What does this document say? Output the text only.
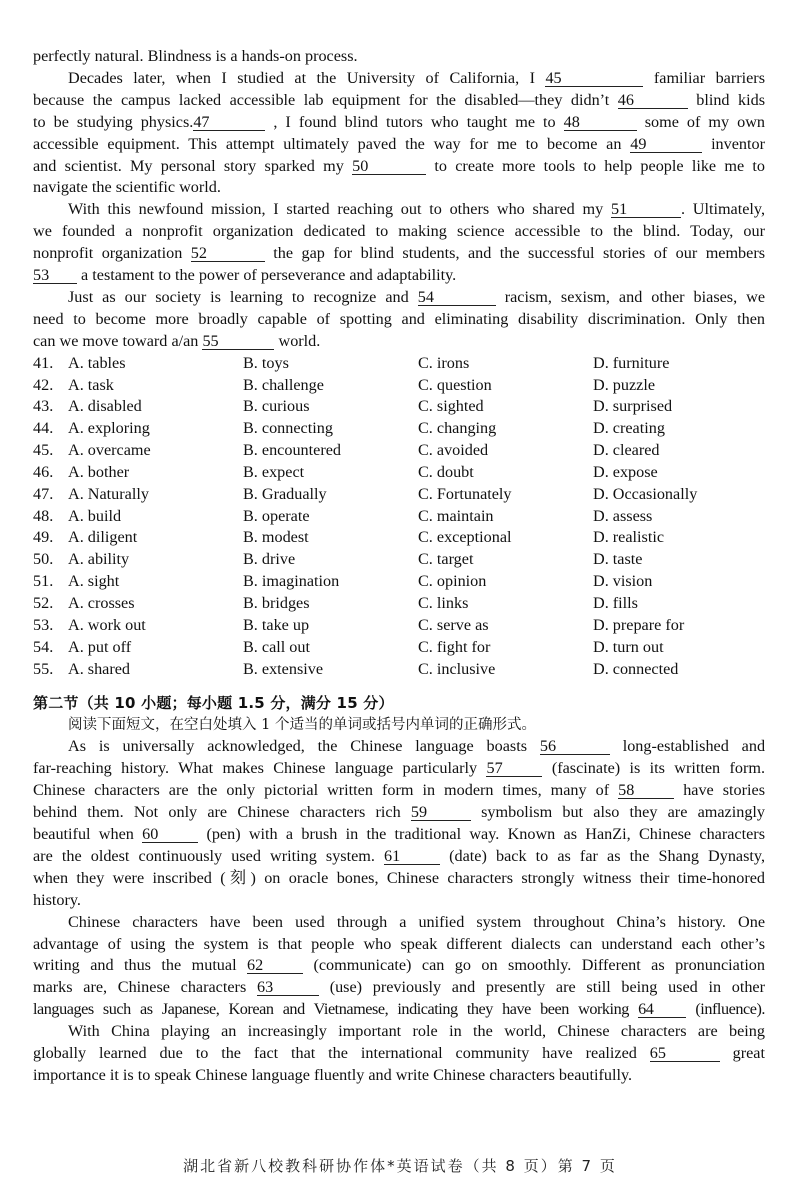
perfectly natural. Blindness is a hands-on process.

Decades later, when I studied at the University of California, I 45	familiar barriers
because the campus lacked accessible lab equipment for the disabled—they didn’t 46	blind kids
to be studying physics.47	, I found blind tutors who taught me to 48	some of my own
accessible equipment. This attempt ultimately paved the way for me to become an 49	inventor
and scientist. My personal story sparked my 50	to create more tools to help people like me to
navigate the scientific world.

With this newfound mission, I started reaching out to others who shared my 51	. Ultimately,
we founded a nonprofit organization dedicated to making science accessible to the blind. Today, our
nonprofit organization 52	the gap for blind students, and the successful stories of our members
53 a testament to the power of perseverance and adaptability.

Just as our society is learning to recognize and 54	racism, sexism, and other biases, we
need to become more broadly capable of spotting and eliminating disability discrimination. Only then
can we move toward a/an 55	world.

41. A. tables	B. toys	C. irons	D. furniture
42. A. task	B. challenge	C. question	D. puzzle
43. A. disabled	B. curious	C. sighted	D. surprised
44. A. exploring	B. connecting	C. changing	D. creating
45. A. overcame	B. encountered	C. avoided	D. cleared
46. A. bother	B. expect	C. doubt	D. expose
47. A. Naturally	B. Gradually	C. Fortunately	D. Occasionally
48. A. build	B. operate	C. maintain	D. assess
49. A. diligent	B. modest	C. exceptional	D. realistic
50. A. ability	B. drive	C. target	D. taste
51. A. sight	B. imagination	C. opinion	D. vision
52. A. crosses	B. bridges	C. links	D. fills
53. A. work out	B. take up	C. serve as	D. prepare for
54. A. put off	B. call out	C. fight for	D. turn out
55. A. shared	B. extensive	C. inclusive	D. connected
第二节（共 10 小题；每小题 1.5 分，满分 15 分）
阅读下面短文，在空白处填入 1 个适当的单词或括号内单词的正确形式。

As is universally acknowledged, the Chinese language boasts 56	long-established and
far-reaching history. What makes Chinese language particularly 57	(fascinate) is its written form.
Chinese characters are the only pictorial written form in modern times, many of 58	have stories
behind them. Not only are Chinese characters rich 59	symbolism but also they are amazingly
beautiful when 60	(pen) with a brush in the traditional way. Known as HanZi, Chinese characters
are the oldest continuously used writing system. 61	(date) back to as far as the Shang Dynasty,
when they were inscribed (刻) on oracle bones, Chinese characters strongly witness their time-honored
history.

Chinese characters have been used through a unified system throughout China’s history. One
advantage of using the system is that people who speak different dialects can understand each other’s
writing and thus the mutual 62	(communicate) can go on smoothly. Different as pronunciation
marks are, Chinese characters 63	(use) previously and presently are still being used in other
languages such as Japanese, Korean and Vietnamese, indicating they have been working 64	(influence).

With China playing an increasingly important role in the world, Chinese characters are being
globally learned due to the fact that the international community have realized 65	great
importance it is to speak Chinese language fluently and write Chinese characters beautifully.

湖北省新八校教科研协作体*英语试卷（共 8 页）第 7 页
